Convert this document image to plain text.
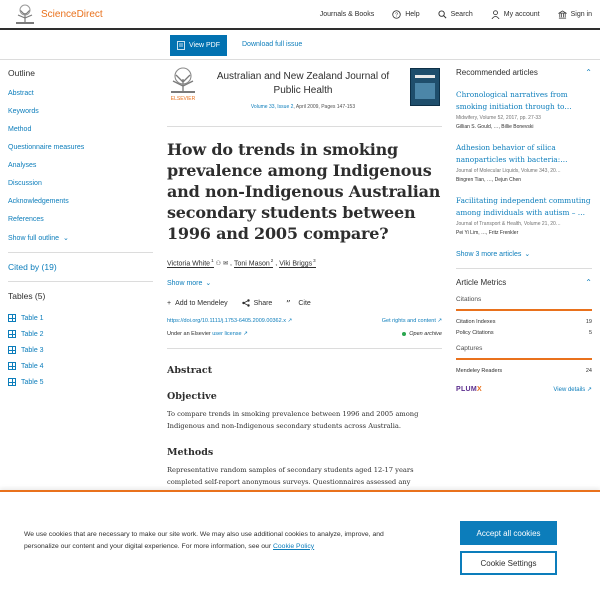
ScienceDirect	Journals & Books	? Help	Search	My account	Sign in
View PDF	Download full issue
Outline
Abstract
Keywords
Method
Questionnaire measures
Analyses
Discussion
Acknowledgements
References
Show full outline ⌄
Cited by (19)
Tables (5)
Table 1
Table 2
Table 3
Table 4
Table 5
ELSEVIER
Australian and New Zealand Journal of Public Health
Volume 33, Issue 2, April 2009, Pages 147-153
How do trends in smoking prevalence among Indigenous and non-Indigenous Australian secondary students between 1996 and 2005 compare?
Victoria White$^1$
⚇ ✉ , Toni Mason$^2$ , Viki Briggs$^3$
Show more ⌄
+ Add to Mendeley	Share ” Cite
https://doi.org/10.1111/j.1753-6405.2009.00362.x ↗	Get rights and content ↗
Under an Elsevier user license ↗	Open archive
Abstract
Objective

To compare trends in smoking prevalence between 1996 and 2005 among Indigenous and non-Indigenous secondary students across Australia.

Methods

Representative random samples of secondary students aged 12-17 years completed self-report anonymous surveys. Questionnaires assessed any

Recommended articles	⌃
Chronological narratives from smoking initiation through to…
Midwifery, Volume 52, 2017, pp. 27-33
Gillian S. Gould, …, Billie Bonevski
Adhesion behavior of silica nanoparticles with bacteria:…
Journal of Molecular Liquids, Volume 343, 20…
Bingren Tian, …, Dejun Chen
Facilitating independent commuting among individuals with autism – …
Journal of Transport & Health, Volume 21, 20…
Pei Yi Lim, …, Fritz Frenkler
Show 3 more articles ⌄
Article Metrics	⌃
Citations
Citation Indexes	19
Policy Citations	5
Captures
Mendeley Readers	24
PLUMX	View details ↗
We use cookies that are necessary to make our site work. We may also use additional cookies to analyze, improve, and personalize our content and your digital experience. For more information, see our Cookie Policy
Accept all cookies
Cookie Settings
